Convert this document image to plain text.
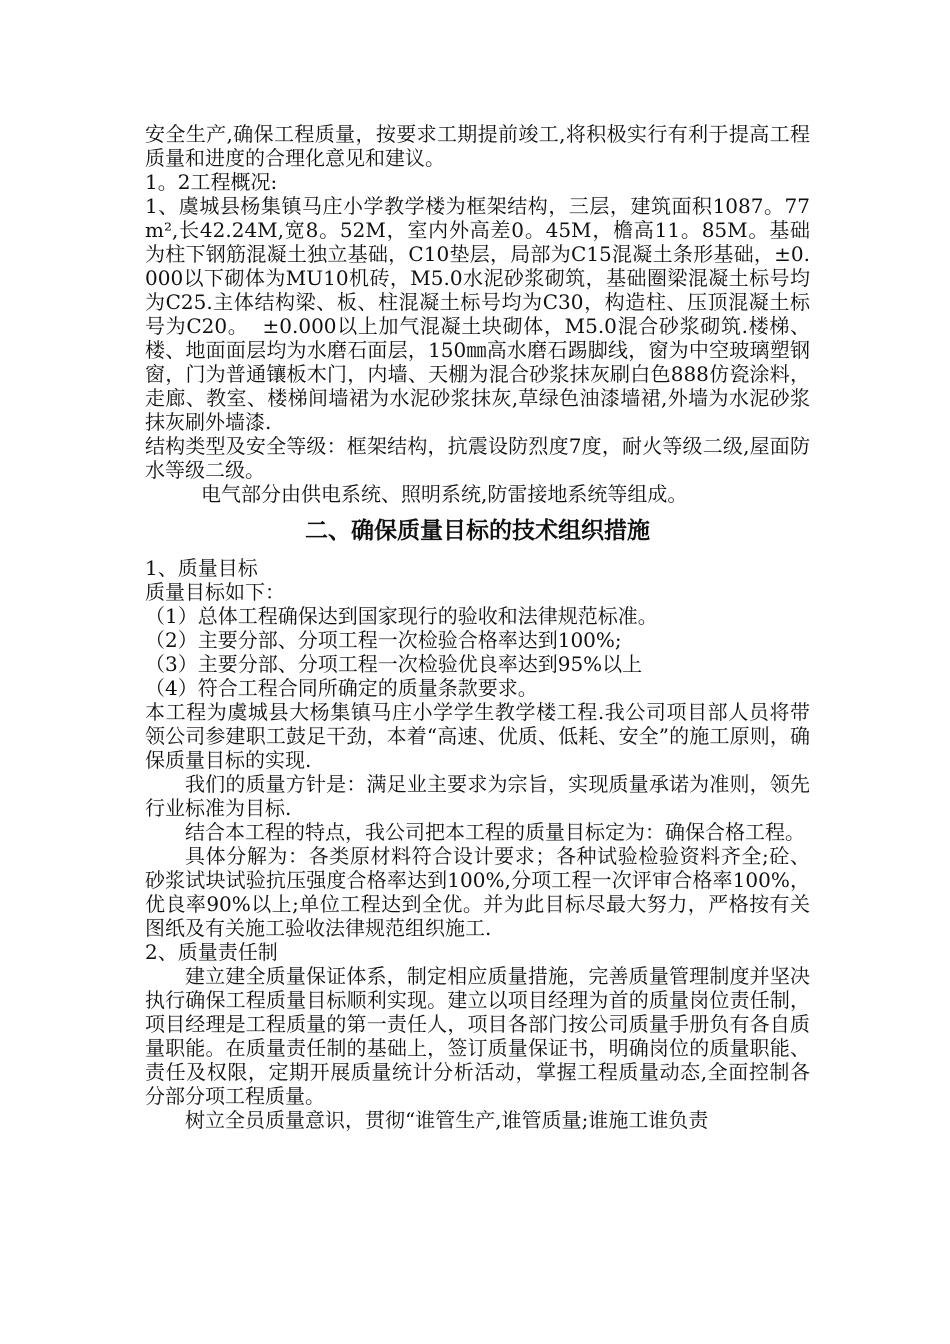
安全生产,确保工程质量，按要求工期提前竣工,将积极实行有利于提高工程质量和进度的合理化意见和建议。

1。2工程概况:

1、虞城县杨集镇马庄小学教学楼为框架结构，三层，建筑面积1087。77m²,长42.24M,宽8。52M，室内外高差0。45M，檐高11。85M。基础为柱下钢筋混凝土独立基础，C10垫层，局部为C15混凝土条形基础，±0.000以下砌体为MU10机砖，M5.0水泥砂浆砌筑，基础圈梁混凝土标号均为C25.主体结构梁、板、柱混凝土标号均为C30，构造柱、压顶混凝土标号为C20。  ±0.000以上加气混凝土块砌体，M5.0混合砂浆砌筑.楼梯、楼、地面面层均为水磨石面层，150㎜高水磨石踢脚线，窗为中空玻璃塑钢窗，门为普通镶板木门，内墙、天棚为混合砂浆抹灰刷白色888仿瓷涂料，走廊、教室、楼梯间墙裙为水泥砂浆抹灰,草绿色油漆墙裙,外墙为水泥砂浆抹灰刷外墙漆.

结构类型及安全等级：框架结构，抗震设防烈度7度，耐火等级二级,屋面防水等级二级。

电气部分由供电系统、照明系统,防雷接地系统等组成。

二、确保质量目标的技术组织措施

1、质量目标

质量目标如下：

（1）总体工程确保达到国家现行的验收和法律规范标准。

（2）主要分部、分项工程一次检验合格率达到100%;

（3）主要分部、分项工程一次检验优良率达到95%以上

（4）符合工程合同所确定的质量条款要求。

本工程为虞城县大杨集镇马庄小学学生教学楼工程.我公司项目部人员将带领公司参建职工鼓足干劲，本着“高速、优质、低耗、安全”的施工原则，确保质量目标的实现.

我们的质量方针是：满足业主要求为宗旨，实现质量承诺为准则，领先行业标准为目标.

结合本工程的特点，我公司把本工程的质量目标定为：确保合格工程。

具体分解为：各类原材料符合设计要求；各种试验检验资料齐全;砼、砂浆试块试验抗压强度合格率达到100%,分项工程一次评审合格率100%，优良率90%以上;单位工程达到全优。并为此目标尽最大努力，严格按有关图纸及有关施工验收法律规范组织施工.

2、质量责任制

建立建全质量保证体系，制定相应质量措施，完善质量管理制度并坚决执行确保工程质量目标顺利实现。建立以项目经理为首的质量岗位责任制，项目经理是工程质量的第一责任人，项目各部门按公司质量手册负有各自质量职能。在质量责任制的基础上，签订质量保证书，明确岗位的质量职能、责任及权限，定期开展质量统计分析活动，掌握工程质量动态,全面控制各分部分项工程质量。

树立全员质量意识，贯彻“谁管生产,谁管质量;谁施工谁负责
